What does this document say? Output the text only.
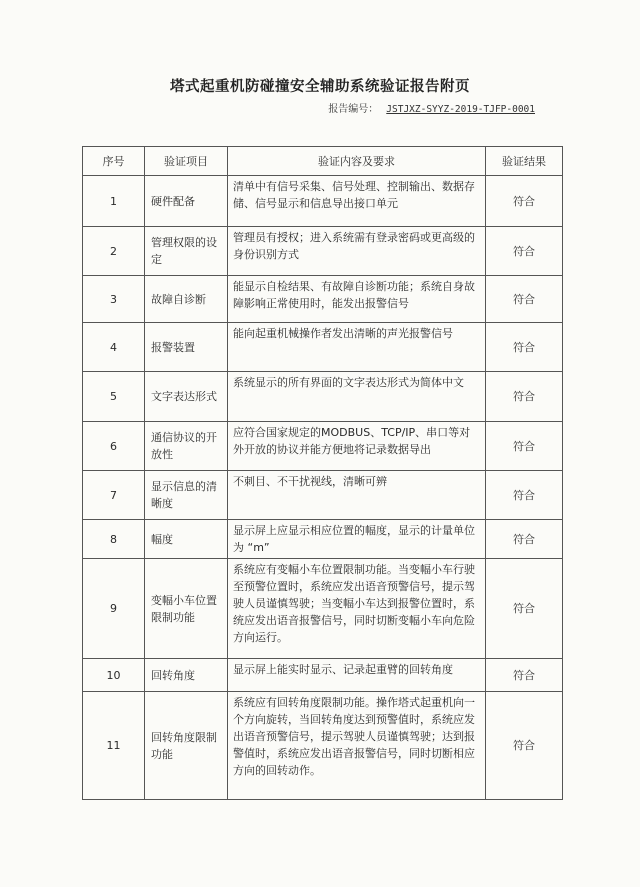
塔式起重机防碰撞安全辅助系统验证报告附页
报告编号： JSTJXZ-SYYZ-2019-TJFP-0001
序号	验证项目	验证内容及要求	验证结果
1	硬件配备	清单中有信号采集、信号处理、控制输出、数据存储、信号显示和信息导出接口单元	符合
2	管理权限的设定	管理员有授权；进入系统需有登录密码或更高级的身份识别方式	符合
3	故障自诊断	能显示自检结果、有故障自诊断功能；系统自身故障影响正常使用时，能发出报警信号	符合
4	报警装置	能向起重机械操作者发出清晰的声光报警信号	符合
5	文字表达形式	系统显示的所有界面的文字表达形式为简体中文	符合
6	通信协议的开放性	应符合国家规定的MODBUS、TCP/IP、串口等对外开放的协议并能方便地将记录数据导出	符合
7	显示信息的清晰度	不刺目、不干扰视线，清晰可辨	符合
8	幅度	显示屏上应显示相应位置的幅度，显示的计量单位为 “m”	符合
9	变幅小车位置限制功能	系统应有变幅小车位置限制功能。当变幅小车行驶至预警位置时，系统应发出语音预警信号，提示驾驶人员谨慎驾驶；当变幅小车达到报警位置时，系统应发出语音报警信号，同时切断变幅小车向危险方向运行。	符合
10	回转角度	显示屏上能实时显示、记录起重臂的回转角度	符合
11	回转角度限制功能	系统应有回转角度限制功能。操作塔式起重机向一个方向旋转，当回转角度达到预警值时，系统应发出语音预警信号，提示驾驶人员谨慎驾驶；达到报警值时，系统应发出语音报警信号，同时切断相应方向的回转动作。	符合
